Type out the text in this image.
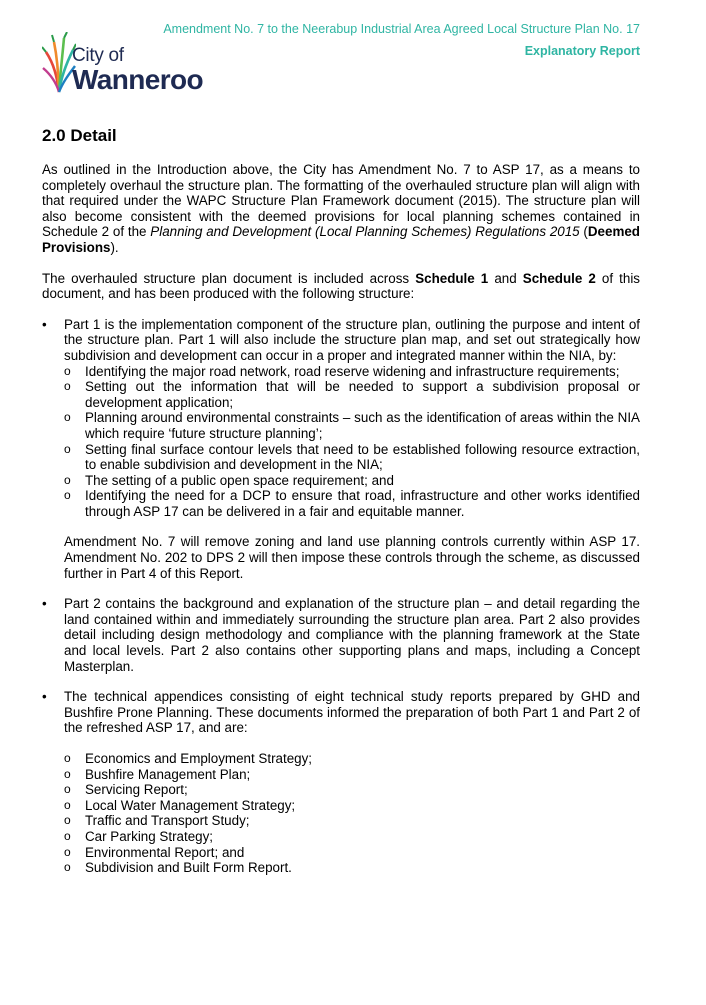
Amendment No. 7 to the Neerabup Industrial Area Agreed Local Structure Plan No. 17
Explanatory Report
City of
Wanneroo
2.0 Detail

As outlined in the Introduction above, the City has Amendment No. 7 to ASP 17, as a means to completely overhaul the structure plan. The formatting of the overhauled structure plan will align with that required under the WAPC Structure Plan Framework document (2015). The structure plan will also become consistent with the deemed provisions for local planning schemes contained in Schedule 2 of the Planning and Development (Local Planning Schemes) Regulations 2015 (Deemed Provisions).

The overhauled structure plan document is included across Schedule 1 and Schedule 2 of this document, and has been produced with the following structure:

• Part 1 is the implementation component of the structure plan, outlining the purpose and intent of the structure plan. Part 1 will also include the structure plan map, and set out strategically how subdivision and development can occur in a proper and integrated manner within the NIA, by:
o Identifying the major road network, road reserve widening and infrastructure requirements;
o Setting out the information that will be needed to support a subdivision proposal or development application;
o Planning around environmental constraints – such as the identification of areas within the NIA which require ‘future structure planning’;
o Setting final surface contour levels that need to be established following resource extraction, to enable subdivision and development in the NIA;
o The setting of a public open space requirement; and
o Identifying the need for a DCP to ensure that road, infrastructure and other works identified through ASP 17 can be delivered in a fair and equitable manner.
Amendment No. 7 will remove zoning and land use planning controls currently within ASP 17. Amendment No. 202 to DPS 2 will then impose these controls through the scheme, as discussed further in Part 4 of this Report.
• Part 2 contains the background and explanation of the structure plan – and detail regarding the land contained within and immediately surrounding the structure plan area. Part 2 also provides detail including design methodology and compliance with the planning framework at the State and local levels. Part 2 also contains other supporting plans and maps, including a Concept Masterplan.
• The technical appendices consisting of eight technical study reports prepared by GHD and Bushfire Prone Planning. These documents informed the preparation of both Part 1 and Part 2 of the refreshed ASP 17, and are:
o Economics and Employment Strategy;
o Bushfire Management Plan;
o Servicing Report;
o Local Water Management Strategy;
o Traffic and Transport Study;
o Car Parking Strategy;
o Environmental Report; and
o Subdivision and Built Form Report.
